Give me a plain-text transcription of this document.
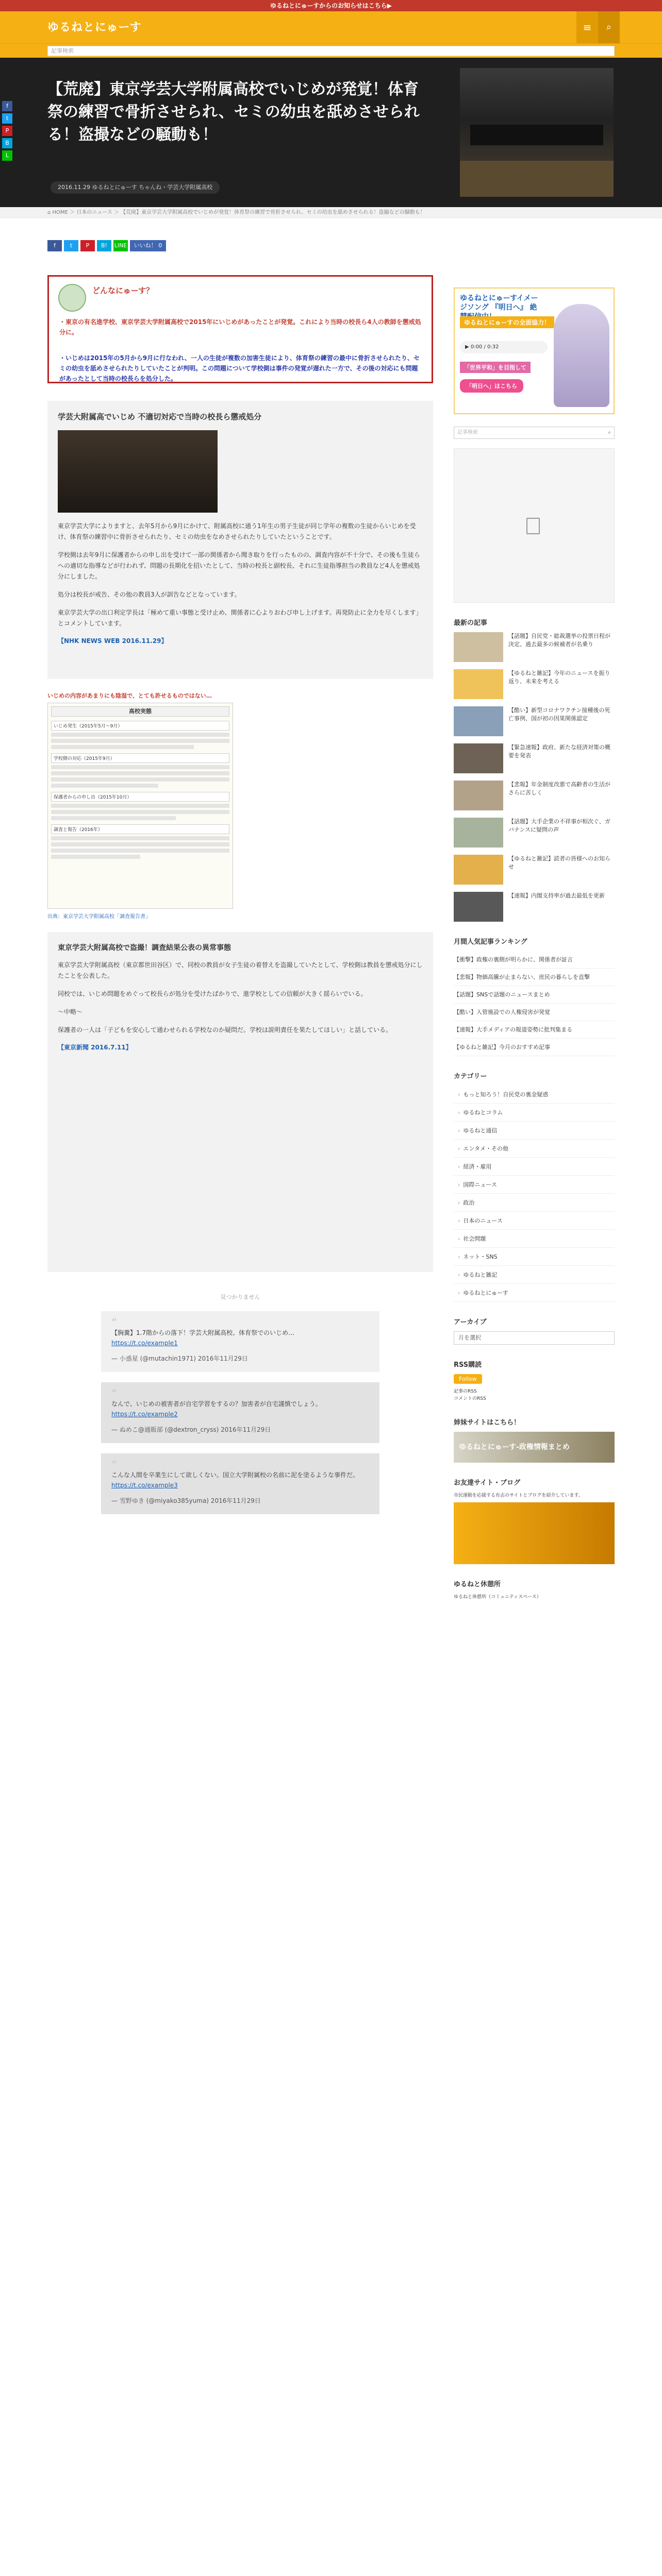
ゆるねとにゅーすからのお知らせはこちら▶
ゆるねとにゅーす	≡	⌕
記事検索
【荒廃】東京学芸大学附属高校でいじめが発覚！体育祭の練習で骨折させられ、セミの幼虫を舐めさせられる！盗撮などの騒動も！
2016.11.29 ゆるねとにゅーす ちゃんね・学芸大学附属高校
⌂ HOME ＞ 日本のニュース ＞ 【荒廃】東京学芸大学附属高校でいじめが発覚！体育祭の練習で骨折させられ、セミの幼虫を舐めさせられる！盗撮などの騒動も！
f
t
P
B
L
f	t	P	B!	LINE	いいね！ 0
どんなにゅーす？
・東京の有名進学校、東京学芸大学附属高校で2015年にいじめがあったことが発覚。これにより当時の校長ら4人の教師を懲戒処分に。
・いじめは2015年の5月から9月に行なわれ、一人の生徒が複数の加害生徒により、体育祭の練習の最中に骨折させられたり、セミの幼虫を舐めさせられたりしていたことが判明。この問題について学校側は事件の発覚が遅れた一方で、その後の対応にも問題があったとして当時の校長らを処分した。
学芸大附属高でいじめ 不適切対応で当時の校長ら懲戒処分

東京学芸大学によりますと、去年5月から9月にかけて、附属高校に通う1年生の男子生徒が同じ学年の複数の生徒からいじめを受け、体育祭の練習中に骨折させられたり、セミの幼虫をなめさせられたりしていたということです。

学校側は去年9月に保護者からの申し出を受けて一部の関係者から聞き取りを行ったものの、調査内容が不十分で、その後も生徒らへの適切な指導などが行われず、問題の長期化を招いたとして、当時の校長と副校長、それに生徒指導担当の教員など4人を懲戒処分にしました。

処分は校長が戒告、その他の教員3人が訓告などとなっています。

東京学芸大学の出口利定学長は「極めて重い事態と受け止め、関係者に心よりおわび申し上げます。再発防止に全力を尽くします」とコメントしています。

【NHK NEWS WEB 2016.11.29】
いじめの内容があまりにも陰湿で、とても許せるものではない…
高校実態
いじめ発生（2015年5月〜9月）
学校側の対応（2015年9月）
保護者からの申し出（2015年10月）
調査と報告（2016年）
出典：東京学芸大学附属高校「調査報告書」
東京学芸大附属高校で盗撮！調査結果公表の異常事態

東京学芸大学附属高校（東京都世田谷区）で、同校の教員が女子生徒の着替えを盗撮していたとして、学校側は教員を懲戒処分にしたことを公表した。

同校では、いじめ問題をめぐって校長らが処分を受けたばかりで、進学校としての信頼が大きく揺らいでいる。

〜中略〜

保護者の一人は「子どもを安心して通わせられる学校なのか疑問だ。学校は説明責任を果たしてほしい」と話している。

【東京新聞 2016.7.11】
見つかりません
“
【胸糞】1.7階からの落下！学芸大附属高校、体育祭でのいじめ…
https://t.co/example1
— 小惑星 (@mutachin1971) 2016年11月29日
“
なんで、いじめの被害者が自宅学習をするの？加害者が自宅謹慎でしょう。
https://t.co/example2
— ぬめこ@通販部 (@dextron_cryss) 2016年11月29日
“
こんな人間を卒業生にして欲しくない。国立大学附属校の名前に泥を塗るような事件だ。
https://t.co/example3
— 雪野ゆき (@miyako385yuma) 2016年11月29日
ゆるねとにゅーすイメージソング 『明日へ』 絶
ゆるねとにゅーすの全面協力！
▶ 0:00 / 0:32
「世界平和」を目指して
「明日へ」はこちら
記事検索	⌕
最新の記事
【話題】自民党・総裁選挙の投票日程が決定、過去最多の候補者が名乗り
【ゆるねと雑記】今年のニュースを振り返り、未来を考える
【酷い】新型コロナワクチン接種後の死亡事例、国が初の因果関係認定
【緊急速報】政府、新たな経済対策の概要を発表
【悲報】年金制度改悪で高齢者の生活がさらに苦しく
【話題】大手企業の不祥事が相次ぐ、ガバナンスに疑問の声
【ゆるねと雑記】読者の皆様へのお知らせ
【速報】内閣支持率が過去最低を更新
月間人気記事ランキング
【衝撃】政権の裏側が明らかに、関係者が証言
【悲報】物価高騰が止まらない、庶民の暮らしを直撃
【話題】SNSで話題のニュースまとめ
【酷い】入管施設での人権侵害が発覚
【速報】大手メディアの報道姿勢に批判集まる
【ゆるねと雑記】今月のおすすめ記事
カテゴリー
› もっと知ろう！自民党の裏金疑惑
› ゆるねとコラム
› ゆるねと通信
› エンタメ・その他
› 経済・雇用
› 国際ニュース
› 政治
› 日本のニュース
› 社会問題
› ネット・SNS
› ゆるねと雑記
› ゆるねとにゅーす
アーカイブ
月を選択
RSS購読
Follow
記事のRSS
コメントのRSS
姉妹サイトはこちら！
ゆるねとにゅーす-政権情報まとめ
お友達サイト・ブログ
市民運動を応援する有志のサイトとブログを紹介しています。
ゆるねと休憩所
ゆるねと休憩所（コミュニティスペース）
